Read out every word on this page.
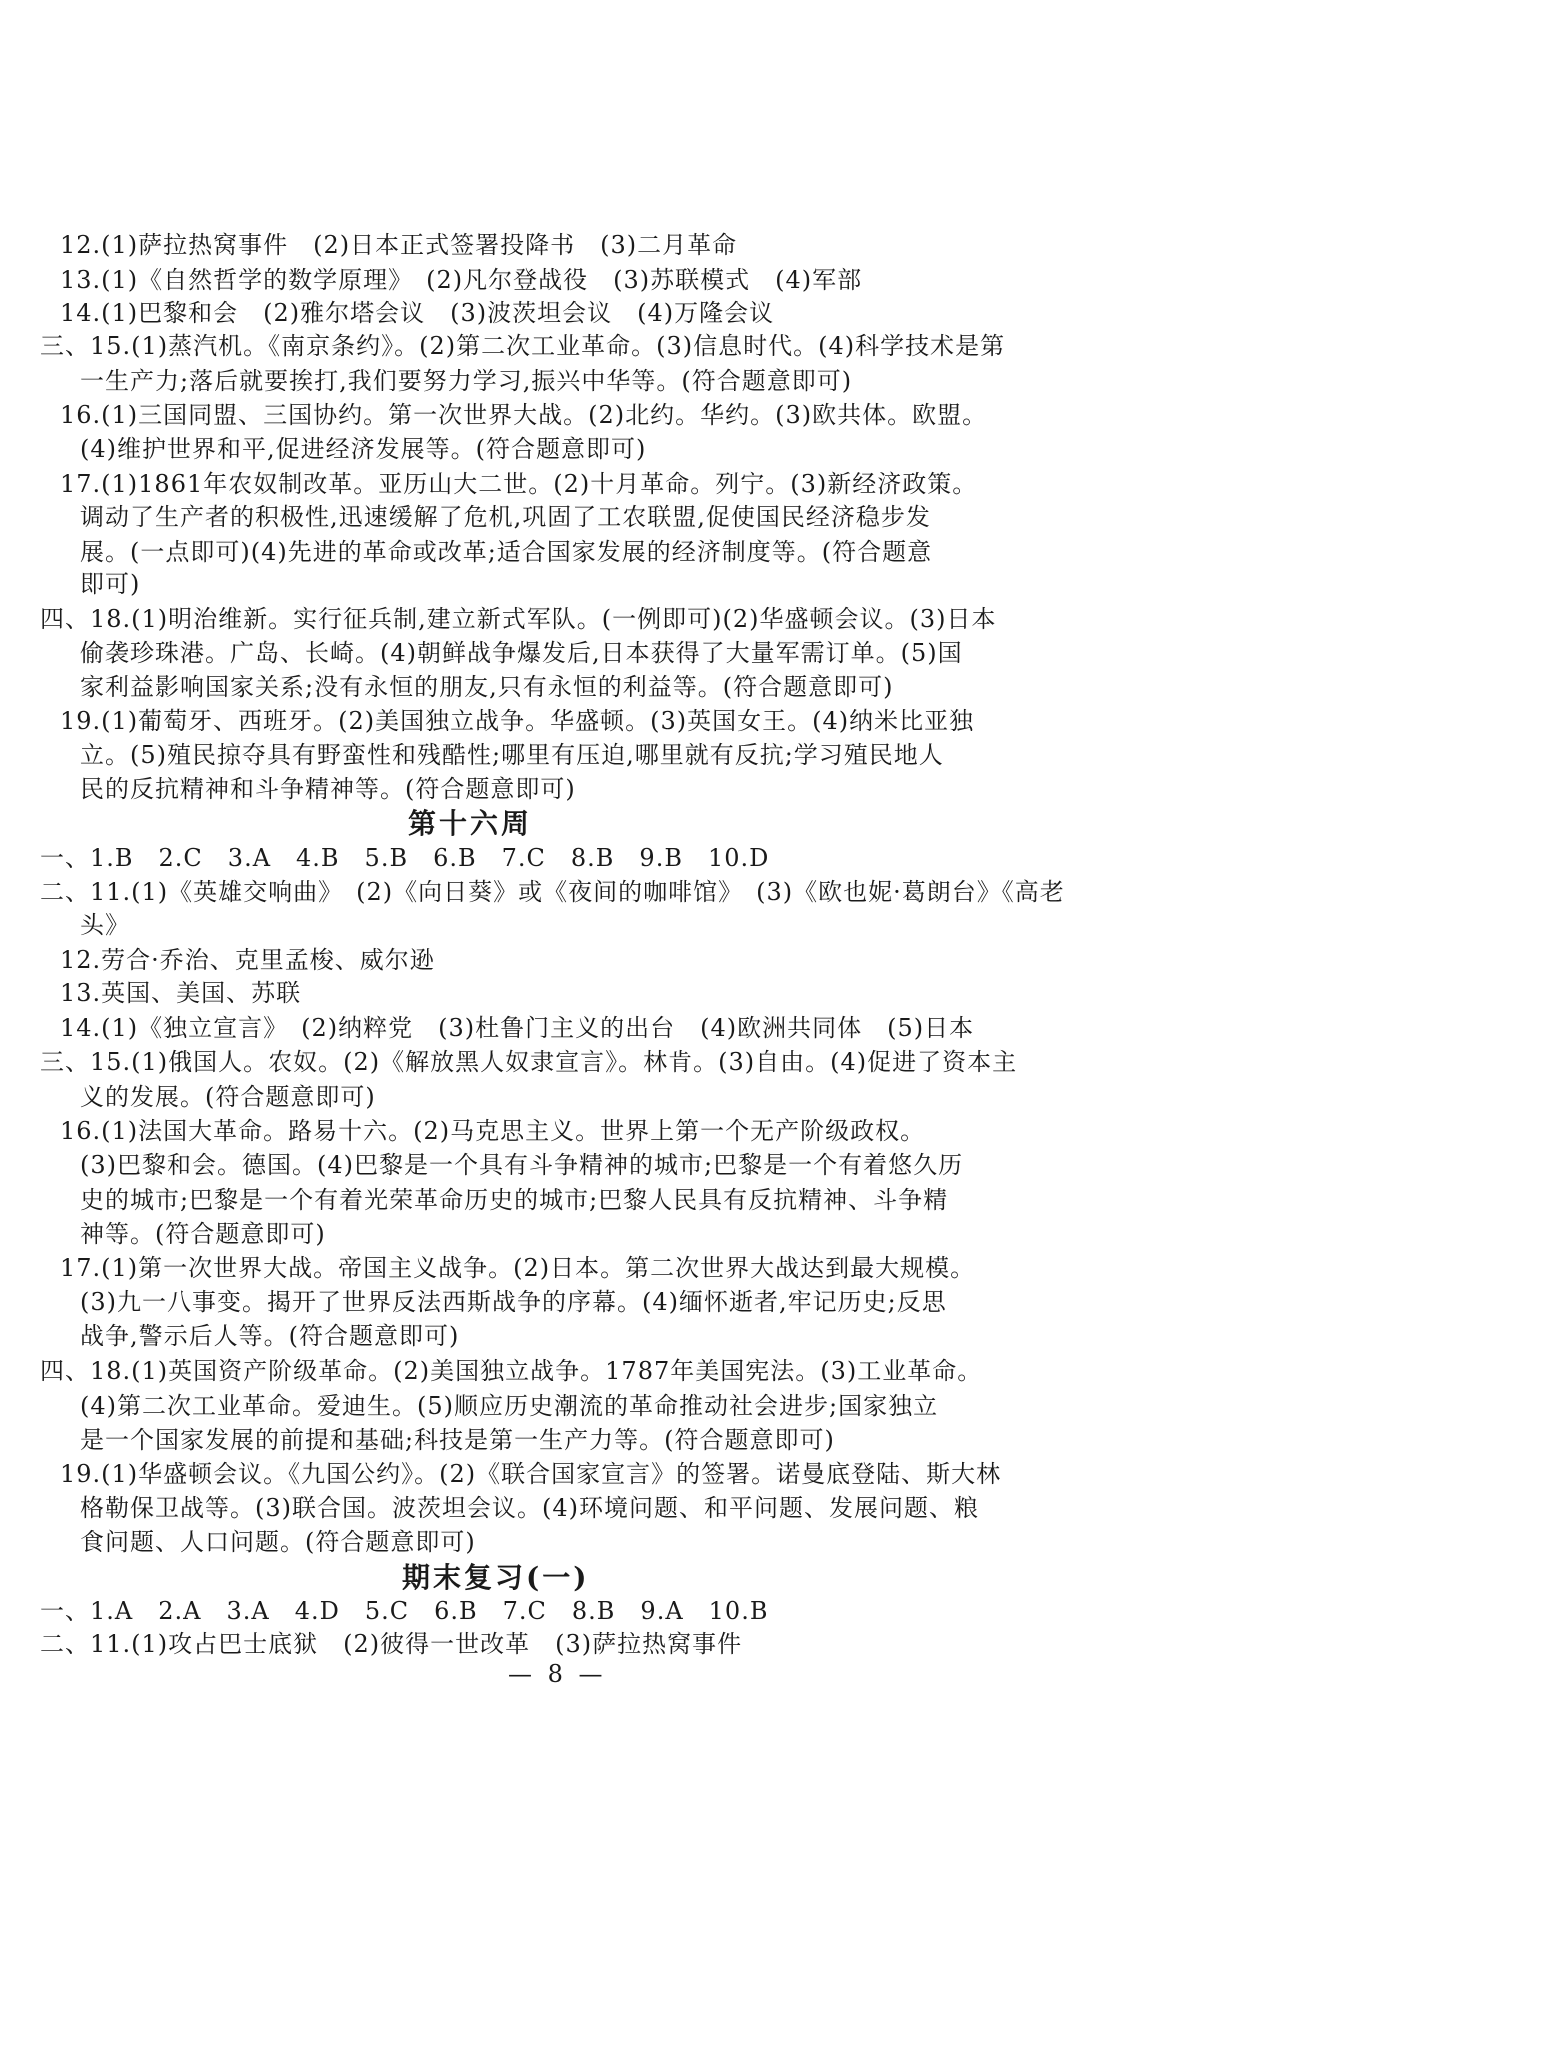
12.(1)萨拉热窝事件　(2)日本正式签署投降书　(3)二月革命
13.(1)《自然哲学的数学原理》　(2)凡尔登战役　(3)苏联模式　(4)军部
14.(1)巴黎和会　(2)雅尔塔会议　(3)波茨坦会议　(4)万隆会议
三、15.(1)蒸汽机。《南京条约》。(2)第二次工业革命。(3)信息时代。(4)科学技术是第
一生产力;落后就要挨打,我们要努力学习,振兴中华等。(符合题意即可)
16.(1)三国同盟、三国协约。第一次世界大战。(2)北约。华约。(3)欧共体。欧盟。
(4)维护世界和平,促进经济发展等。(符合题意即可)
17.(1)1861年农奴制改革。亚历山大二世。(2)十月革命。列宁。(3)新经济政策。
调动了生产者的积极性,迅速缓解了危机,巩固了工农联盟,促使国民经济稳步发
展。(一点即可)(4)先进的革命或改革;适合国家发展的经济制度等。(符合题意
即可)
四、18.(1)明治维新。实行征兵制,建立新式军队。(一例即可)(2)华盛顿会议。(3)日本
偷袭珍珠港。广岛、长崎。(4)朝鲜战争爆发后,日本获得了大量军需订单。(5)国
家利益影响国家关系;没有永恒的朋友,只有永恒的利益等。(符合题意即可)
19.(1)葡萄牙、西班牙。(2)美国独立战争。华盛顿。(3)英国女王。(4)纳米比亚独
立。(5)殖民掠夺具有野蛮性和残酷性;哪里有压迫,哪里就有反抗;学习殖民地人
民的反抗精神和斗争精神等。(符合题意即可)
第十六周
一、1.B　2.C　3.A　4.B　5.B　6.B　7.C　8.B　9.B　10.D
二、11.(1)《英雄交响曲》　(2)《向日葵》或《夜间的咖啡馆》　(3)《欧也妮·葛朗台》《高老
头》
12.劳合·乔治、克里孟梭、威尔逊
13.英国、美国、苏联
14.(1)《独立宣言》　(2)纳粹党　(3)杜鲁门主义的出台　(4)欧洲共同体　(5)日本
三、15.(1)俄国人。农奴。(2)《解放黑人奴隶宣言》。林肯。(3)自由。(4)促进了资本主
义的发展。(符合题意即可)
16.(1)法国大革命。路易十六。(2)马克思主义。世界上第一个无产阶级政权。
(3)巴黎和会。德国。(4)巴黎是一个具有斗争精神的城市;巴黎是一个有着悠久历
史的城市;巴黎是一个有着光荣革命历史的城市;巴黎人民具有反抗精神、斗争精
神等。(符合题意即可)
17.(1)第一次世界大战。帝国主义战争。(2)日本。第二次世界大战达到最大规模。
(3)九一八事变。揭开了世界反法西斯战争的序幕。(4)缅怀逝者,牢记历史;反思
战争,警示后人等。(符合题意即可)
四、18.(1)英国资产阶级革命。(2)美国独立战争。1787年美国宪法。(3)工业革命。
(4)第二次工业革命。爱迪生。(5)顺应历史潮流的革命推动社会进步;国家独立
是一个国家发展的前提和基础;科技是第一生产力等。(符合题意即可)
19.(1)华盛顿会议。《九国公约》。(2)《联合国家宣言》的签署。诺曼底登陆、斯大林
格勒保卫战等。(3)联合国。波茨坦会议。(4)环境问题、和平问题、发展问题、粮
食问题、人口问题。(符合题意即可)
期末复习(一)
一、1.A　2.A　3.A　4.D　5.C　6.B　7.C　8.B　9.A　10.B
二、11.(1)攻占巴士底狱　(2)彼得一世改革　(3)萨拉热窝事件
— 8 —
